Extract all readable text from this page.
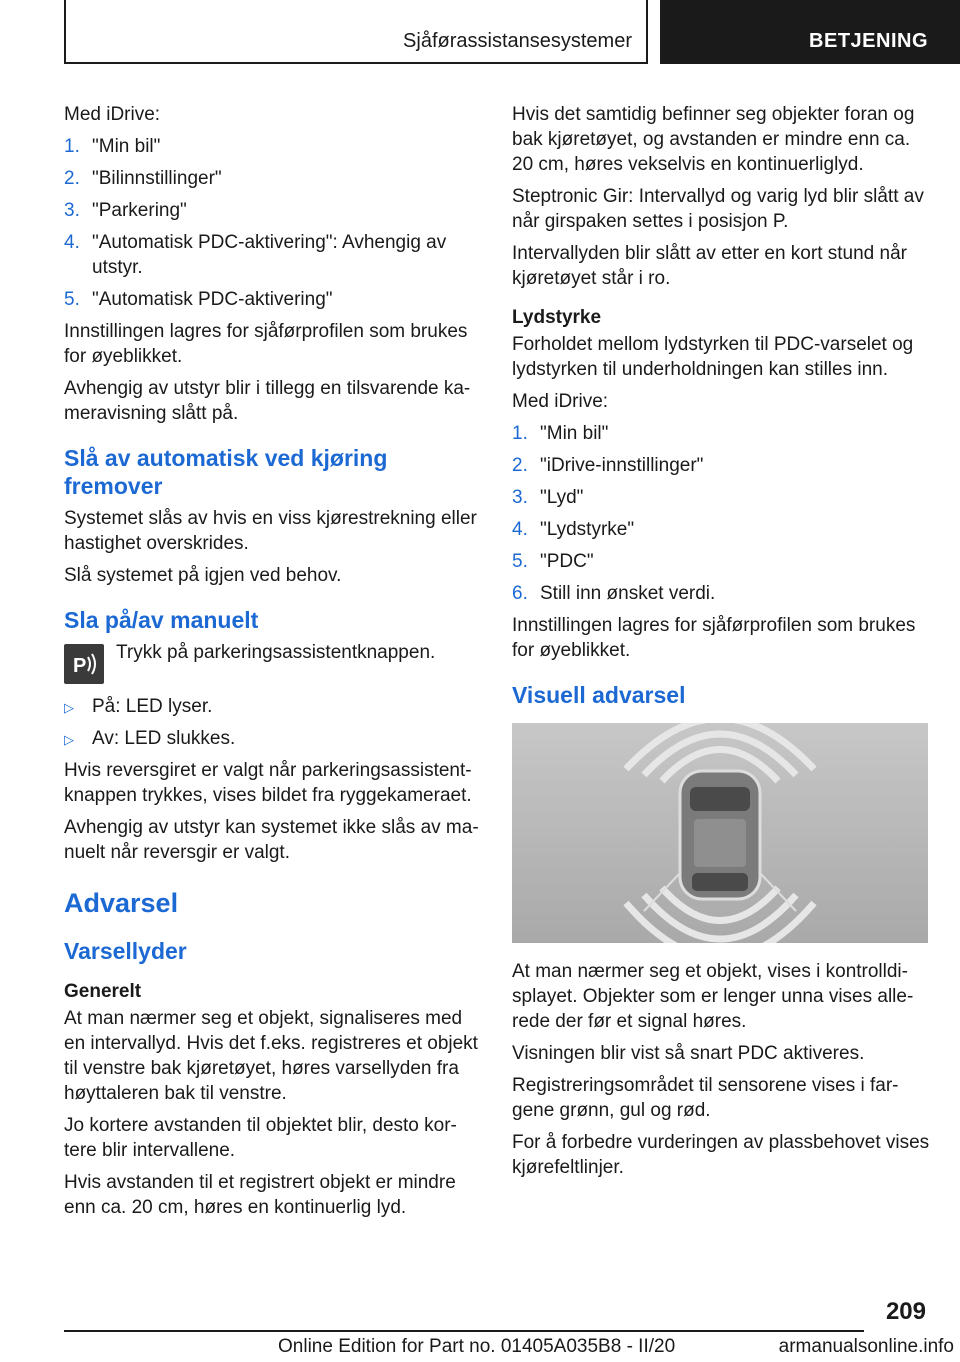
Sjåførassistansesystemer	BETJENING

Med iDrive:

1. "Min bil"
2. "Bilinnstillinger"
3. "Parkering"
4. "Automatisk PDC-aktivering": Avhengig av utstyr.
5. "Automatisk PDC-aktivering"

Innstillingen lagres for sjåførprofilen som brukes for øyeblikket.

Avhengig av utstyr blir i tillegg en tilsvarende kameravisning slått på.

Slå av automatisk ved kjøring fremover

Systemet slås av hvis en viss kjørestrekning eller hastighet overskrides.

Slå systemet på igjen ved behov.

Sla på/av manuelt
P
Trykk på parkeringsassistentknappen.
▷ På: LED lyser.
▷ Av: LED slukkes.

Hvis reversgiret er valgt når parkeringsassistentknappen trykkes, vises bildet fra ryggekameraet.

Avhengig av utstyr kan systemet ikke slås av manuelt når reversgir er valgt.

Advarsel
Varsellyder
Generelt

At man nærmer seg et objekt, signaliseres med en intervallyd. Hvis det f.eks. registreres et objekt til venstre bak kjøretøyet, høres varsellyden fra høyttaleren bak til venstre.

Jo kortere avstanden til objektet blir, desto kortere blir intervallene.

Hvis avstanden til et registrert objekt er mindre enn ca. 20 cm, høres en kontinuerlig lyd.

Hvis det samtidig befinner seg objekter foran og bak kjøretøyet, og avstanden er mindre enn ca. 20 cm, høres vekselvis en kontinuerliglyd.

Steptronic Gir: Intervallyd og varig lyd blir slått av når girspaken settes i posisjon P.

Intervallyden blir slått av etter en kort stund når kjøretøyet står i ro.

Lydstyrke

Forholdet mellom lydstyrken til PDC-varselet og lydstyrken til underholdningen kan stilles inn.

Med iDrive:

1. "Min bil"
2. "iDrive-innstillinger"
3. "Lyd"
4. "Lydstyrke"
5. "PDC"
6. Still inn ønsket verdi.

Innstillingen lagres for sjåførprofilen som brukes for øyeblikket.

Visuell advarsel

At man nærmer seg et objekt, vises i kontrolldisplayet. Objekter som er lenger unna vises allerede der før et signal høres.

Visningen blir vist så snart PDC aktiveres.

Registreringsområdet til sensorene vises i fargene grønn, gul og rød.

For å forbedre vurderingen av plassbehovet vises kjørefeltlinjer.

209
Online Edition for Part no. 01405A035B8 - II/20	armanualsonline.info
